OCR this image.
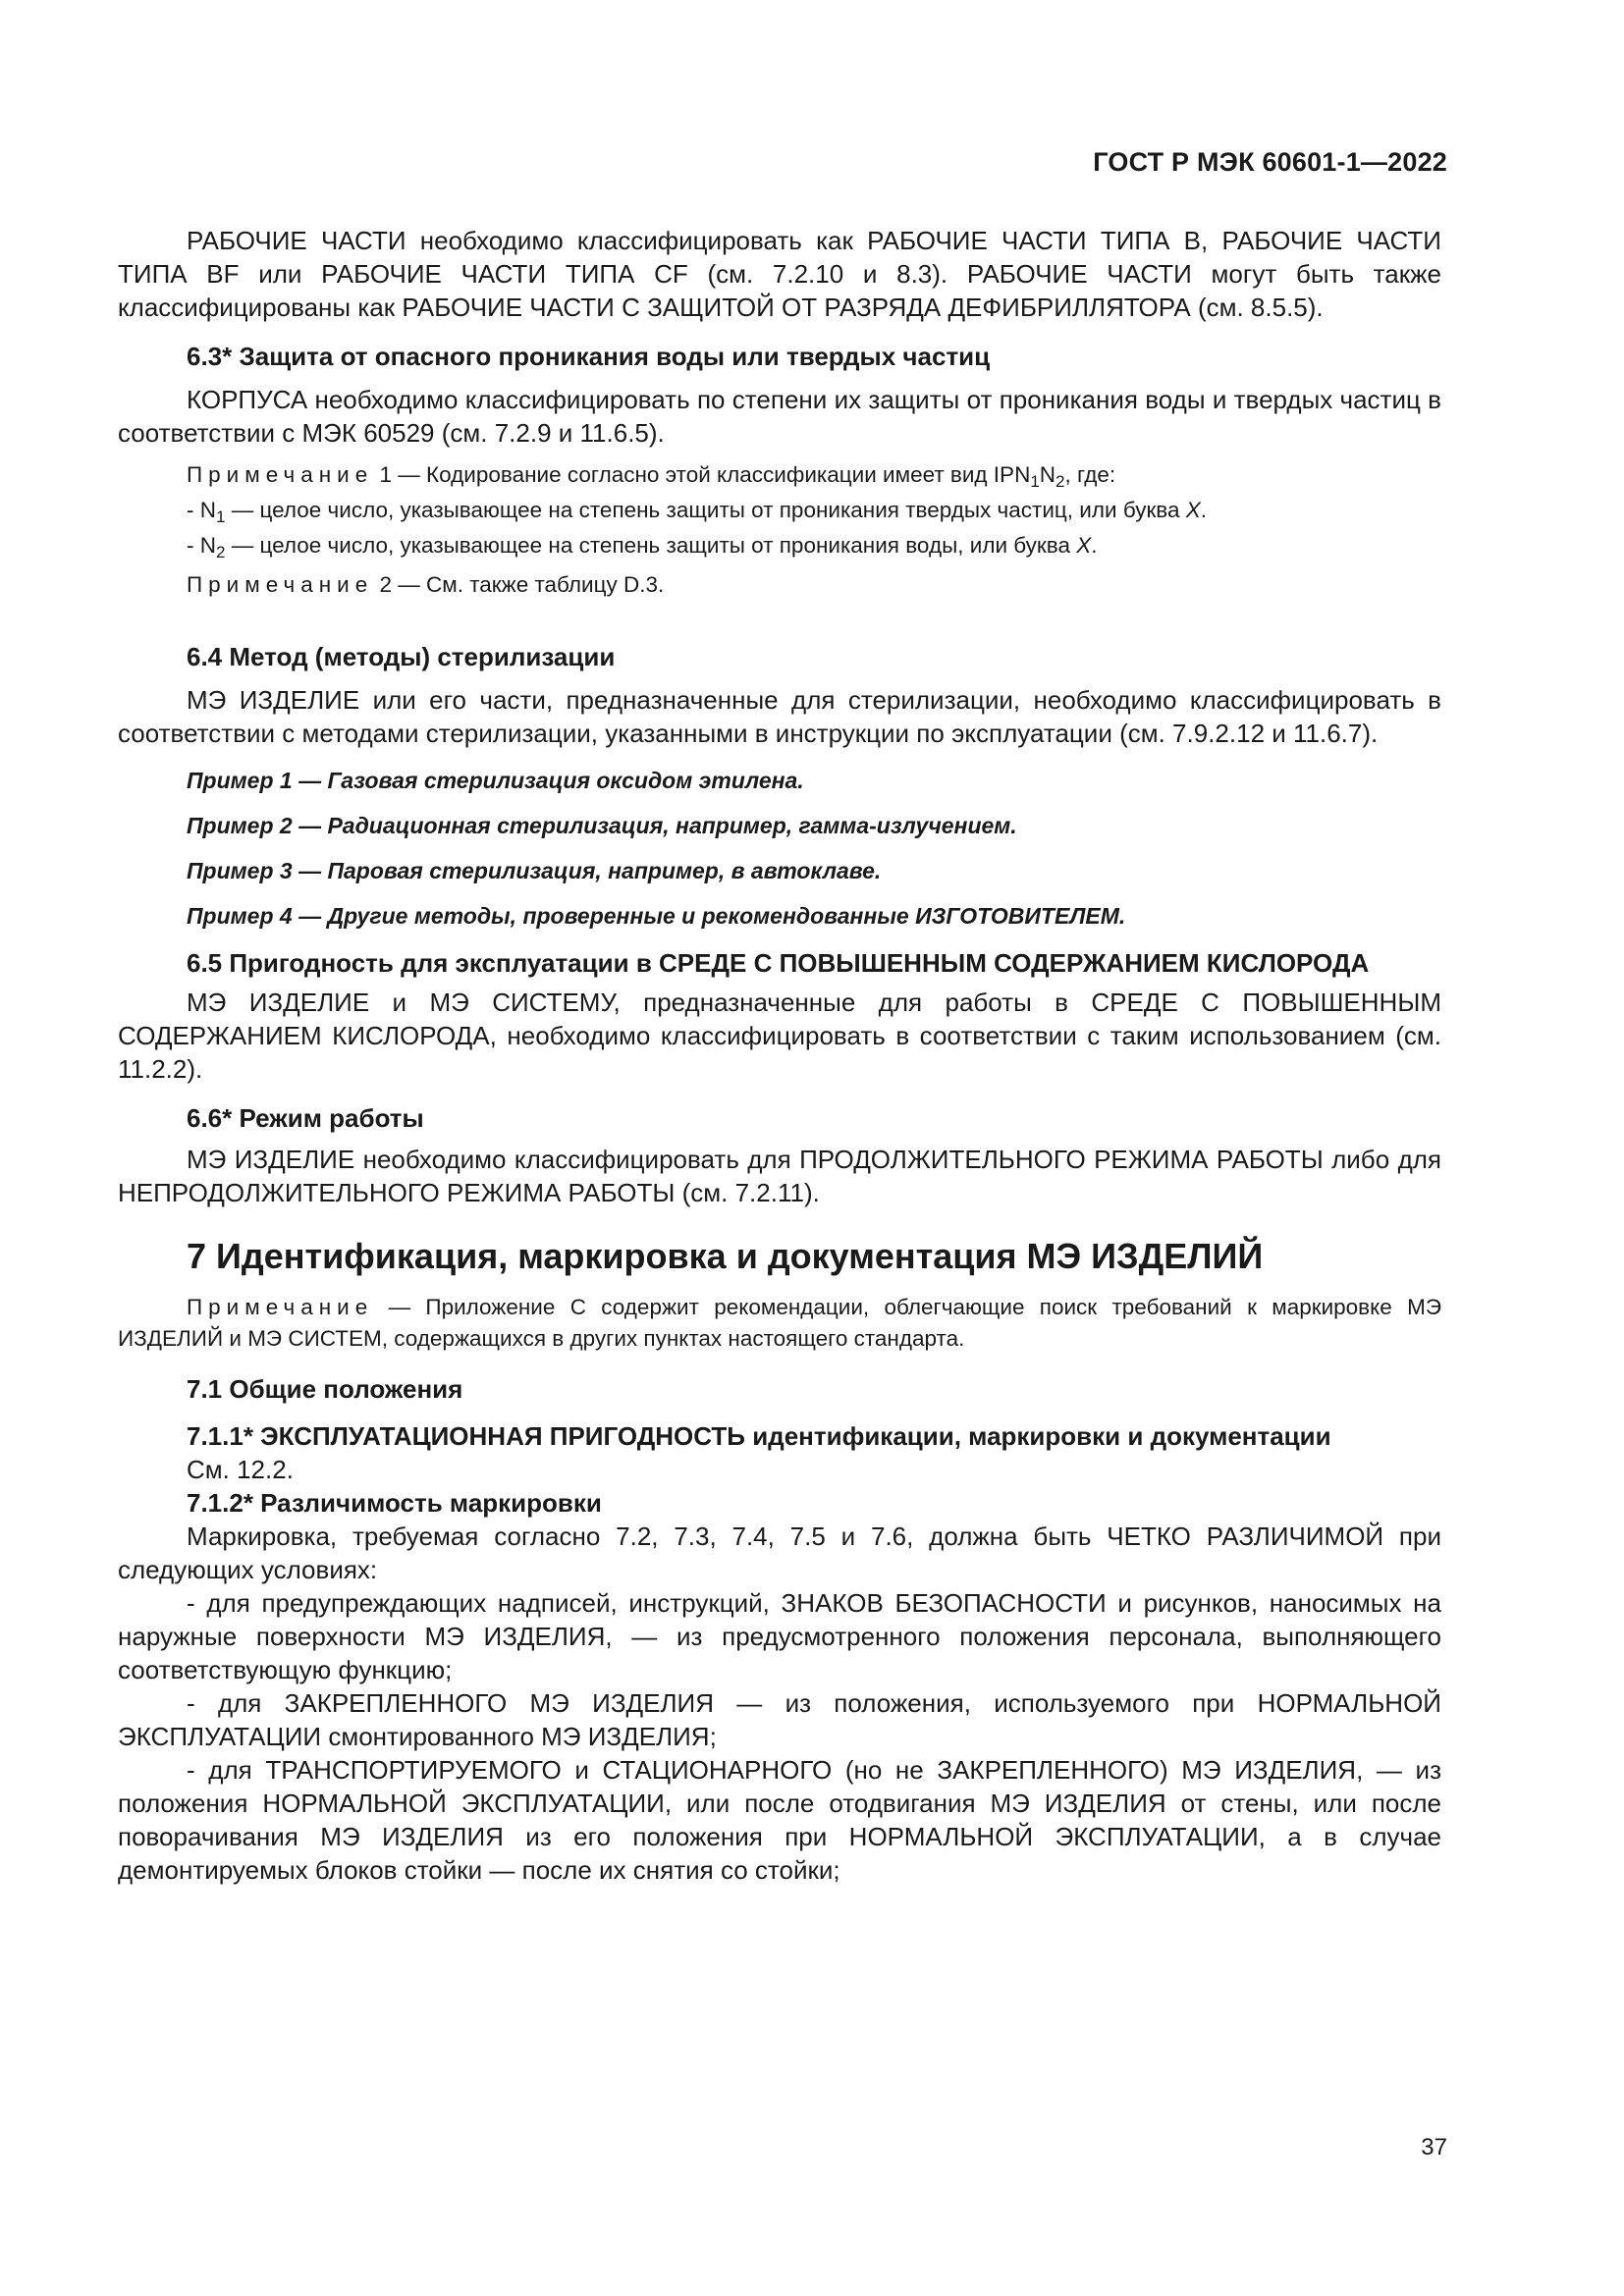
ГОСТ Р МЭК 60601-1—2022

РАБОЧИЕ ЧАСТИ необходимо классифицировать как РАБОЧИЕ ЧАСТИ ТИПА B, РАБОЧИЕ ЧАСТИ ТИПА BF или РАБОЧИЕ ЧАСТИ ТИПА CF (см. 7.2.10 и 8.3). РАБОЧИЕ ЧАСТИ могут быть также классифицированы как РАБОЧИЕ ЧАСТИ С ЗАЩИТОЙ ОТ РАЗРЯДА ДЕФИБРИЛЛЯТОРА (см. 8.5.5).

6.3* Защита от опасного проникания воды или твердых частиц

КОРПУСА необходимо классифицировать по степени их защиты от проникания воды и твердых частиц в соответствии с МЭК 60529 (см. 7.2.9 и 11.6.5).

Примечание 1 — Кодирование согласно этой классификации имеет вид $IPN_1N_2$, где:

- $N_1$ — целое число, указывающее на степень защиты от проникания твердых частиц, или буква X.

- $N_2$ — целое число, указывающее на степень защиты от проникания воды, или буква X.

Примечание 2 — См. также таблицу D.3.

6.4 Метод (методы) стерилизации

МЭ ИЗДЕЛИЕ или его части, предназначенные для стерилизации, необходимо классифицировать в соответствии с методами стерилизации, указанными в инструкции по эксплуатации (см. 7.9.2.12 и 11.6.7).

Пример 1 — Газовая стерилизация оксидом этилена.

Пример 2 — Радиационная стерилизация, например, гамма-излучением.

Пример 3 — Паровая стерилизация, например, в автоклаве.

Пример 4 — Другие методы, проверенные и рекомендованные ИЗГОТОВИТЕЛЕМ.

6.5 Пригодность для эксплуатации в СРЕДЕ С ПОВЫШЕННЫМ СОДЕРЖАНИЕМ КИСЛОРОДА

МЭ ИЗДЕЛИЕ и МЭ СИСТЕМУ, предназначенные для работы в СРЕДЕ С ПОВЫШЕННЫМ СОДЕРЖАНИЕМ КИСЛОРОДА, необходимо классифицировать в соответствии с таким использованием (см. 11.2.2).

6.6* Режим работы

МЭ ИЗДЕЛИЕ необходимо классифицировать для ПРОДОЛЖИТЕЛЬНОГО РЕЖИМА РАБОТЫ либо для НЕПРОДОЛЖИТЕЛЬНОГО РЕЖИМА РАБОТЫ (см. 7.2.11).

7 Идентификация, маркировка и документация МЭ ИЗДЕЛИЙ

Примечание — Приложение C содержит рекомендации, облегчающие поиск требований к маркировке МЭ ИЗДЕЛИЙ и МЭ СИСТЕМ, содержащихся в других пунктах настоящего стандарта.

7.1 Общие положения

7.1.1* ЭКСПЛУАТАЦИОННАЯ ПРИГОДНОСТЬ идентификации, маркировки и документации

См. 12.2.

7.1.2* Различимость маркировки

Маркировка, требуемая согласно 7.2, 7.3, 7.4, 7.5 и 7.6, должна быть ЧЕТКО РАЗЛИЧИМОЙ при следующих условиях:

- для предупреждающих надписей, инструкций, ЗНАКОВ БЕЗОПАСНОСТИ и рисунков, наносимых на наружные поверхности МЭ ИЗДЕЛИЯ, — из предусмотренного положения персонала, выполняющего соответствующую функцию;

- для ЗАКРЕПЛЕННОГО МЭ ИЗДЕЛИЯ — из положения, используемого при НОРМАЛЬНОЙ ЭКСПЛУАТАЦИИ смонтированного МЭ ИЗДЕЛИЯ;

- для ТРАНСПОРТИРУЕМОГО и СТАЦИОНАРНОГО (но не ЗАКРЕПЛЕННОГО) МЭ ИЗДЕЛИЯ, — из положения НОРМАЛЬНОЙ ЭКСПЛУАТАЦИИ, или после отодвигания МЭ ИЗДЕЛИЯ от стены, или после поворачивания МЭ ИЗДЕЛИЯ из его положения при НОРМАЛЬНОЙ ЭКСПЛУАТАЦИИ, а в случае демонтируемых блоков стойки — после их снятия со стойки;

37
